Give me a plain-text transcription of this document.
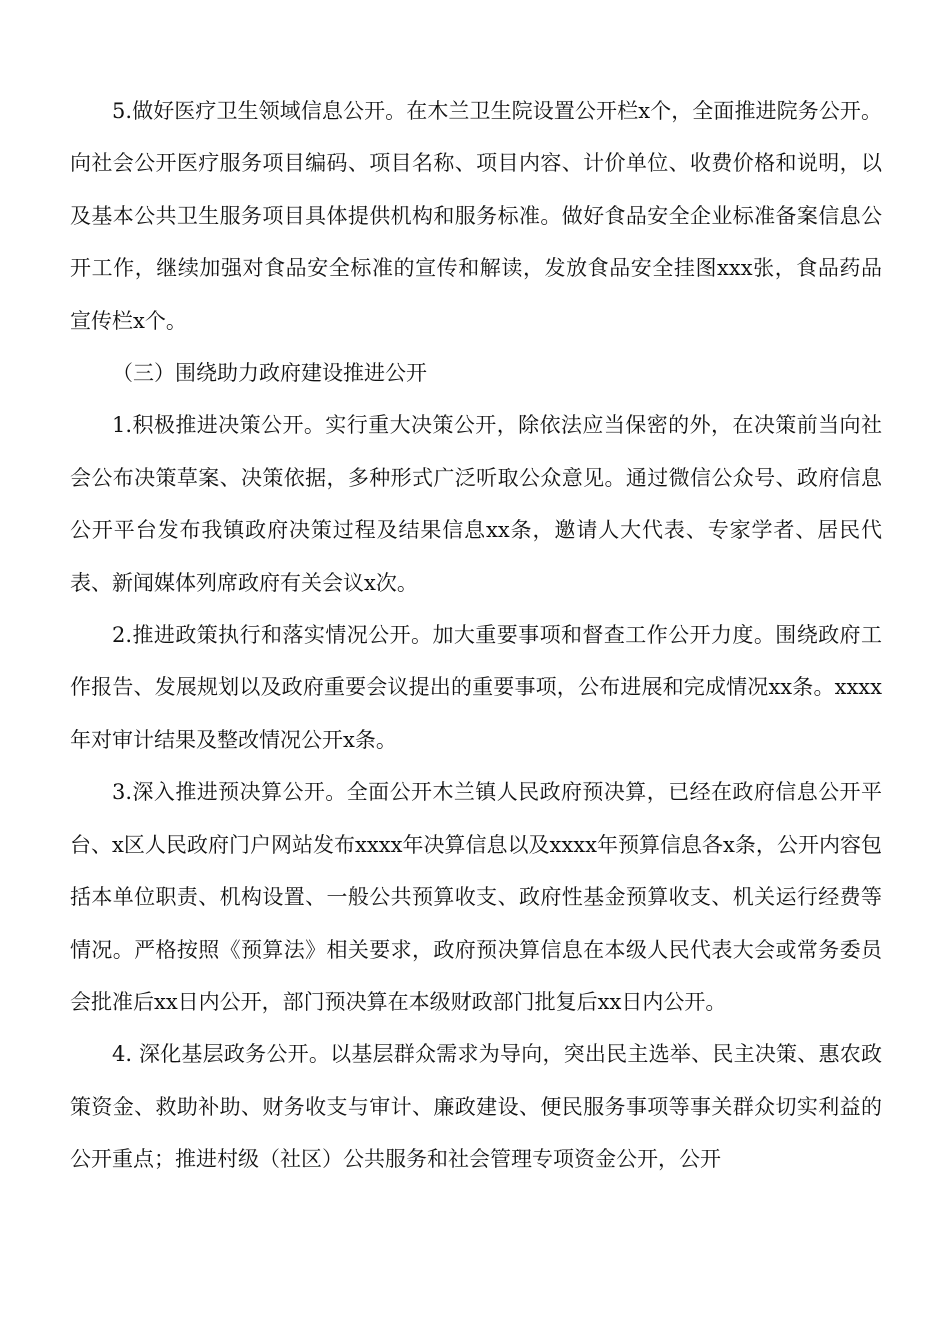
5.做好医疗卫生领域信息公开。在木兰卫生院设置公开栏x个，全面推进院务公开。向社会公开医疗服务项目编码、项目名称、项目内容、计价单位、收费价格和说明，以及基本公共卫生服务项目具体提供机构和服务标准。做好食品安全企业标准备案信息公开工作，继续加强对食品安全标准的宣传和解读，发放食品安全挂图xxx张，食品药品宣传栏x个。

（三）围绕助力政府建设推进公开

1.积极推进决策公开。实行重大决策公开，除依法应当保密的外，在决策前当向社会公布决策草案、决策依据，多种形式广泛听取公众意见。通过微信公众号、政府信息公开平台发布我镇政府决策过程及结果信息xx条，邀请人大代表、专家学者、居民代表、新闻媒体列席政府有关会议x次。

2.推进政策执行和落实情况公开。加大重要事项和督查工作公开力度。围绕政府工作报告、发展规划以及政府重要会议提出的重要事项，公布进展和完成情况xx条。xxxx年对审计结果及整改情况公开x条。

3.深入推进预决算公开。全面公开木兰镇人民政府预决算，已经在政府信息公开平台、x区人民政府门户网站发布xxxx年决算信息以及xxxx年预算信息各x条，公开内容包括本单位职责、机构设置、一般公共预算收支、政府性基金预算收支、机关运行经费等情况。严格按照《预算法》相关要求，政府预决算信息在本级人民代表大会或常务委员会批准后xx日内公开，部门预决算在本级财政部门批复后xx日内公开。

4. 深化基层政务公开。以基层群众需求为导向，突出民主选举、民主决策、惠农政策资金、救助补助、财务收支与审计、廉政建设、便民服务事项等事关群众切实利益的公开重点；推进村级（社区）公共服务和社会管理专项资金公开，公开
